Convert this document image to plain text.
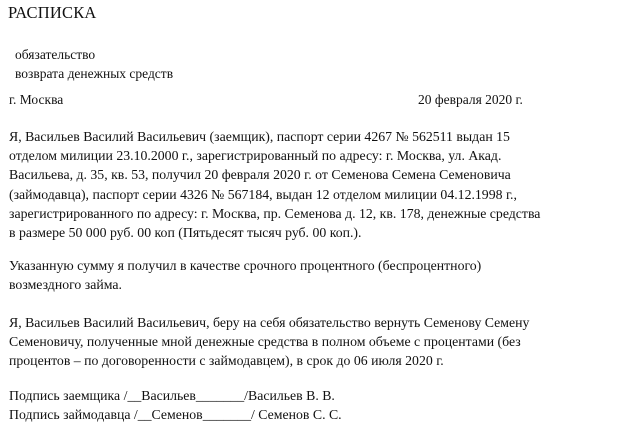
РАСПИСКА
обязательство
возврата денежных средств
г. Москва	20 февраля 2020 г.
Я, Васильев Василий Васильевич (заемщик), паспорт серии 4267 № 562511 выдан 15
отделом милиции 23.10.2000 г., зарегистрированный по адресу: г. Москва, ул. Акад.
Васильева, д. 35, кв. 53, получил 20 февраля 2020 г. от Семенова Семена Семеновича
(займодавца), паспорт серии 4326 № 567184, выдан 12 отделом милиции 04.12.1998 г.,
зарегистрированного по адресу: г. Москва, пр. Семенова д. 12, кв. 178, денежные средства
в размере 50 000 руб. 00 коп (Пятьдесят тысяч руб. 00 коп.).
Указанную сумму я получил в качестве срочного процентного (беспроцентного)
возмездного займа.
Я, Васильев Василий Васильевич, беру на себя обязательство вернуть Семенову Семену
Семеновичу, полученные мной денежные средства в полном объеме с процентами (без
процентов – по договоренности с займодавцем), в срок до 06 июля 2020 г.
Подпись заемщика /__Васильев_______/Васильев В. В.
Подпись займодавца /__Семенов_______/ Семенов С. С.
